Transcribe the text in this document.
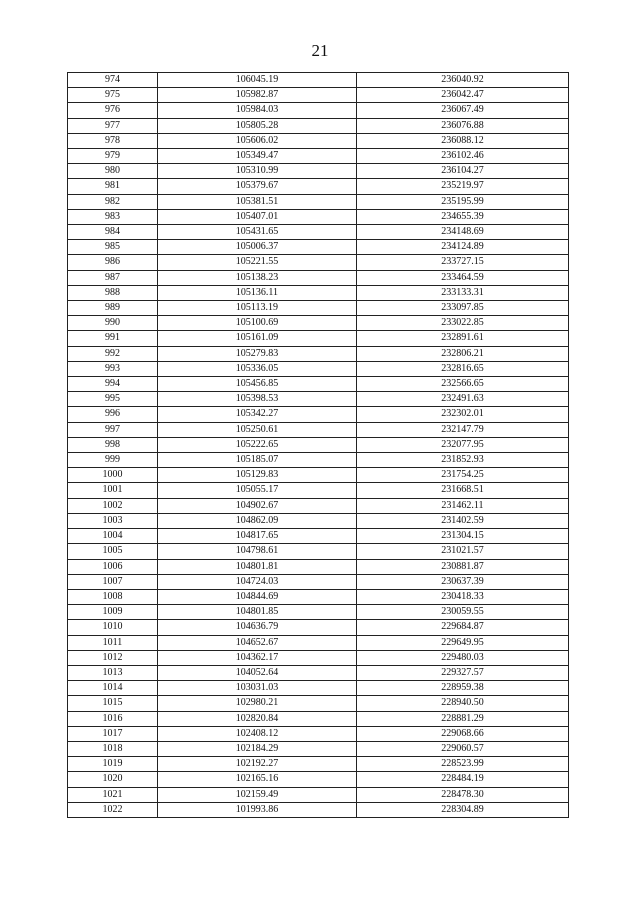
21
974	106045.19	236040.92
975	105982.87	236042.47
976	105984.03	236067.49
977	105805.28	236076.88
978	105606.02	236088.12
979	105349.47	236102.46
980	105310.99	236104.27
981	105379.67	235219.97
982	105381.51	235195.99
983	105407.01	234655.39
984	105431.65	234148.69
985	105006.37	234124.89
986	105221.55	233727.15
987	105138.23	233464.59
988	105136.11	233133.31
989	105113.19	233097.85
990	105100.69	233022.85
991	105161.09	232891.61
992	105279.83	232806.21
993	105336.05	232816.65
994	105456.85	232566.65
995	105398.53	232491.63
996	105342.27	232302.01
997	105250.61	232147.79
998	105222.65	232077.95
999	105185.07	231852.93
1000	105129.83	231754.25
1001	105055.17	231668.51
1002	104902.67	231462.11
1003	104862.09	231402.59
1004	104817.65	231304.15
1005	104798.61	231021.57
1006	104801.81	230881.87
1007	104724.03	230637.39
1008	104844.69	230418.33
1009	104801.85	230059.55
1010	104636.79	229684.87
1011	104652.67	229649.95
1012	104362.17	229480.03
1013	104052.64	229327.57
1014	103031.03	228959.38
1015	102980.21	228940.50
1016	102820.84	228881.29
1017	102408.12	229068.66
1018	102184.29	229060.57
1019	102192.27	228523.99
1020	102165.16	228484.19
1021	102159.49	228478.30
1022	101993.86	228304.89
